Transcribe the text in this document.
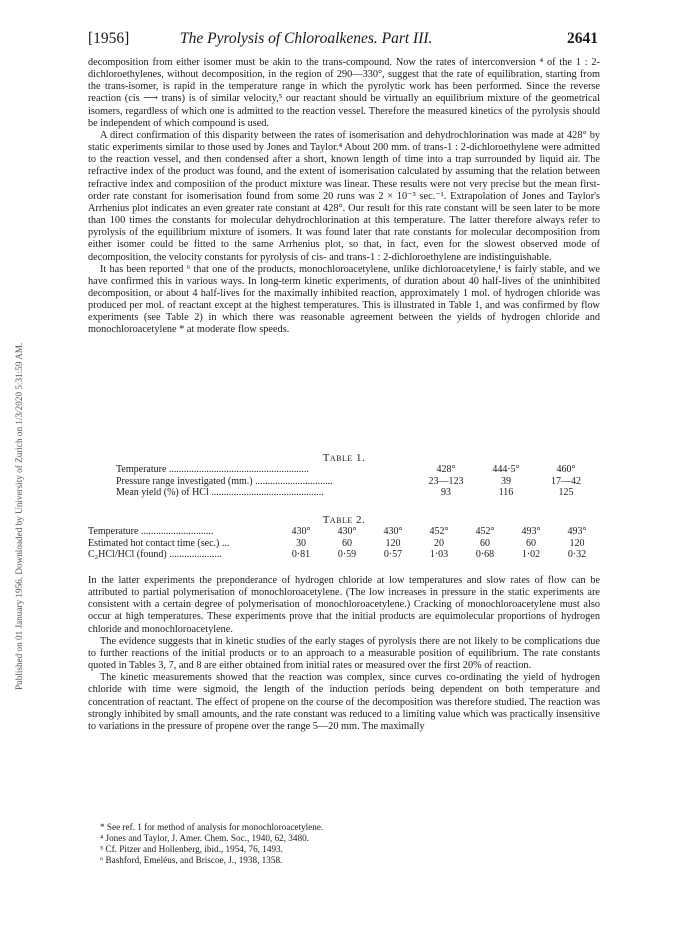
Published on 01 January 1956. Downloaded by University of Zurich on 1/3/2020 5:31:59 AM.
[1956]	The Pyrolysis of Chloroalkenes. Part III.	2641

decomposition from either isomer must be akin to the trans-compound. Now the rates of interconversion ⁴ of the 1 : 2-dichloroethylenes, without decomposition, in the region of 290—330°, suggest that the rate of equilibration, starting from the trans-isomer, is rapid in the temperature range in which the pyrolytic work has been performed. Since the reverse reaction (cis ⟶ trans) is of similar velocity,⁵ our reactant should be virtually an equilibrium mixture of the geometrical isomers, regardless of which one is admitted to the reaction vessel. Therefore the measured kinetics of the pyrolysis should be independent of which compound is used.

A direct confirmation of this disparity between the rates of isomerisation and dehydrochlorination was made at 428° by static experiments similar to those used by Jones and Taylor.⁴ About 200 mm. of trans-1 : 2-dichloroethylene were admitted to the reaction vessel, and then condensed after a short, known length of time into a trap surrounded by liquid air. The refractive index of the product was found, and the extent of isomerisation calculated by assuming that the relation between refractive index and composition of the product mixture was linear. These results were not very precise but the mean first-order rate constant for isomerisation found from some 20 runs was 2 × 10⁻³ sec.⁻¹. Extrapolation of Jones and Taylor's Arrhenius plot indicates an even greater rate constant at 428°. Our result for this rate constant will be seen later to be more than 100 times the constants for molecular dehydrochlorination at this temperature. The latter therefore always refer to pyrolysis of the equilibrium mixture of isomers. It was found later that rate constants for molecular decomposition from either isomer could be fitted to the same Arrhenius plot, so that, in fact, even for the slowest observed mode of decomposition, the velocity constants for pyrolysis of cis- and trans-1 : 2-dichloroethylene are indistinguishable.

It has been reported ⁶ that one of the products, monochloroacetylene, unlike dichloroacetylene,¹ is fairly stable, and we have confirmed this in various ways. In long-term kinetic experiments, of duration about 40 half-lives of the uninhibited decomposition, or about 4 half-lives for the maximally inhibited reaction, approximately 1 mol. of hydrogen chloride was produced per mol. of reactant except at the highest temperatures. This is illustrated in Table 1, and was confirmed by flow experiments (see Table 2) in which there was reasonable agreement between the yields of hydrogen chloride and monochloroacetylene * at moderate flow speeds.

Table 1.

Temperature ........................................................	428°	444·5°	460°
Pressure range investigated (mm.) ...............................	23—123	39	17—42
Mean yield (%) of HCl .............................................	93	116	125

Table 2.

Temperature .............................	430°	430°	430°	452°	452°	493°	493°
Estimated hot contact time (sec.) ...	30	60	120	20	60	60	120
C₂HCl/HCl (found) .....................	0·81	0·59	0·57	1·03	0·68	1·02	0·32

In the latter experiments the preponderance of hydrogen chloride at low temperatures and slow rates of flow can be attributed to partial polymerisation of monochloroacetylene. (The low increases in pressure in the static experiments are consistent with a certain degree of polymerisation of monochloroacetylene.) Cracking of monochloroacetylene must also occur at high temperatures. These experiments prove that the initial products are equimolecular proportions of hydrogen chloride and monochloroacetylene.

The evidence suggests that in kinetic studies of the early stages of pyrolysis there are not likely to be complications due to further reactions of the initial products or to an approach to a measurable position of equilibrium. The rate constants quoted in Tables 3, 7, and 8 are either obtained from initial rates or measured over the first 20% of reaction.

The kinetic measurements showed that the reaction was complex, since curves co-ordinating the yield of hydrogen chloride with time were sigmoid, the length of the induction periods being dependent on both temperature and concentration of reactant. The effect of propene on the course of the decomposition was therefore studied. The reaction was strongly inhibited by small amounts, and the rate constant was reduced to a limiting value which was practically insensitive to variations in the pressure of propene over the range 5—20 mm. The maximally

* See ref. 1 for method of analysis for monochloroacetylene.
⁴ Jones and Taylor, J. Amer. Chem. Soc., 1940, 62, 3480.
⁵ Cf. Pitzer and Hollenberg, ibid., 1954, 76, 1493.
⁶ Bashford, Emeléus, and Briscoe, J., 1938, 1358.
